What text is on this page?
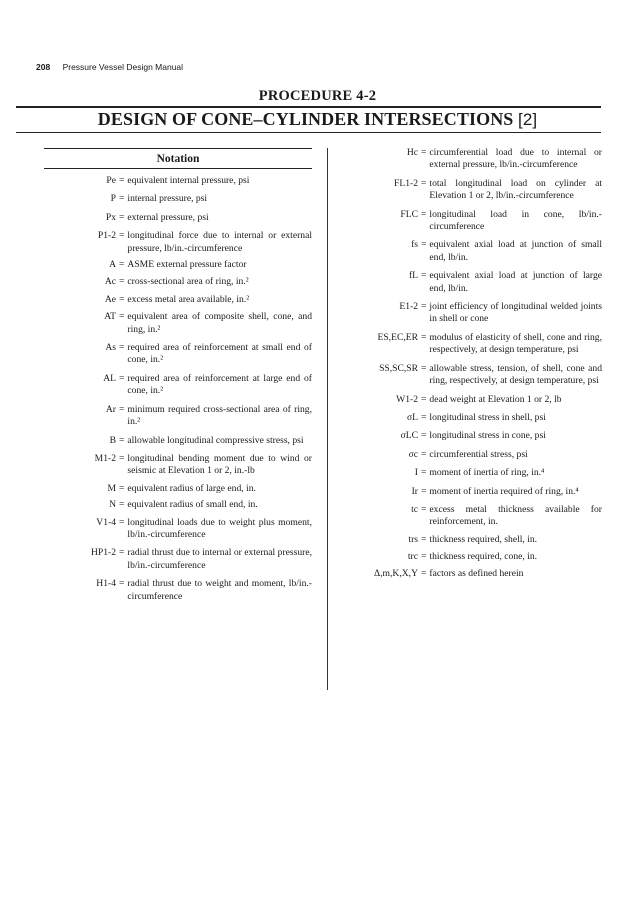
208 Pressure Vessel Design Manual
PROCEDURE 4-2
DESIGN OF CONE–CYLINDER INTERSECTIONS [2]
Notation
Pe = equivalent internal pressure, psi
P = internal pressure, psi
Px = external pressure, psi
P1-2 = longitudinal force due to internal or external pressure, lb/in.-circumference
A = ASME external pressure factor
Ac = cross-sectional area of ring, in.²
Ae = excess metal area available, in.²
AT = equivalent area of composite shell, cone, and ring, in.²
As = required area of reinforcement at small end of cone, in.²
AL = required area of reinforcement at large end of cone, in.²
Ar = minimum required cross-sectional area of ring, in.²
B = allowable longitudinal compressive stress, psi
M1-2 = longitudinal bending moment due to wind or seismic at Elevation 1 or 2, in.-lb
M = equivalent radius of large end, in.
N = equivalent radius of small end, in.
V1-4 = longitudinal loads due to weight plus moment, lb/in.-circumference
HP1-2 = radial thrust due to internal or external pressure, lb/in.-circumference
H1-4 = radial thrust due to weight and moment, lb/in.-circumference
Hc = circumferential load due to internal or external pressure, lb/in.-circumference
FL1-2 = total longitudinal load on cylinder at Elevation 1 or 2, lb/in.-circumference
FLC = longitudinal load in cone, lb/in.-circumference
fs = equivalent axial load at junction of small end, lb/in.
fL = equivalent axial load at junction of large end, lb/in.
E1-2 = joint efficiency of longitudinal welded joints in shell or cone
ES,EC,ER = modulus of elasticity of shell, cone and ring, respectively, at design temperature, psi
SS,SC,SR = allowable stress, tension, of shell, cone and ring, respectively, at design temperature, psi
W1-2 = dead weight at Elevation 1 or 2, lb
σL = longitudinal stress in shell, psi
σLC = longitudinal stress in cone, psi
σc = circumferential stress, psi
I = moment of inertia of ring, in.⁴
Ir = moment of inertia required of ring, in.⁴
tc = excess metal thickness available for reinforcement, in.
trs = thickness required, shell, in.
trc = thickness required, cone, in.
Δ,m,K,X,Y = factors as defined herein
